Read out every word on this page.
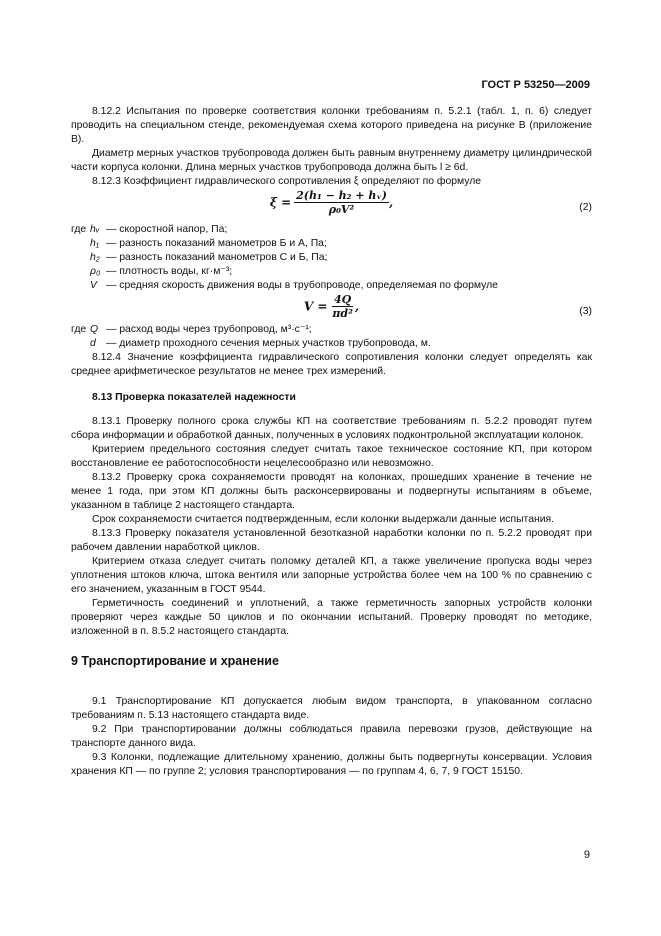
ГОСТ Р 53250—2009

8.12.2 Испытания по проверке соответствия колонки требованиям п. 5.2.1 (табл. 1, п. 6) следует проводить на специальном стенде, рекомендуемая схема которого приведена на рисунке В (приложение В).

Диаметр мерных участков трубопровода должен быть равным внутреннему диаметру цилиндрической части корпуса колонки. Длина мерных участков трубопровода должна быть l ≥ 6d.

8.12.3 Коэффициент гидравлического сопротивления ξ определяют по формуле

$\xi = \frac{\text{2(h₁ − h₂ + hᵥ)}}{\text{ρ₀V²}}$ ,	(2)
где hᵥ — скоростной напор, Па;
h₁ — разность показаний манометров Б и А, Па;
h₂ — разность показаний манометров С и Б, Па;
ρ₀ — плотность воды, кг·м⁻³;
V — средняя скорость движения воды в трубопроводе, определяемая по формуле
$V = \frac{4Q}{\text{πd²}}$ ,	(3)
где Q — расход воды через трубопровод, м³·с⁻¹;
d — диаметр проходного сечения мерных участков трубопровода, м.

8.12.4 Значение коэффициента гидравлического сопротивления колонки следует определять как среднее арифметическое результатов не менее трех измерений.

8.13 Проверка показателей надежности

8.13.1 Проверку полного срока службы КП на соответствие требованиям п. 5.2.2 проводят путем сбора информации и обработкой данных, полученных в условиях подконтрольной эксплуатации колонок.

Критерием предельного состояния следует считать такое техническое состояние КП, при котором восстановление ее работоспособности нецелесообразно или невозможно.

8.13.2 Проверку срока сохраняемости проводят на колонках, прошедших хранение в течение не менее 1 года, при этом КП должны быть расконсервированы и подвергнуты испытаниям в объеме, указанном в таблице 2 настоящего стандарта.

Срок сохраняемости считается подтвержденным, если колонки выдержали данные испытания.

8.13.3 Проверку показателя установленной безотказной наработки колонки по п. 5.2.2 проводят при рабочем давлении наработкой циклов.

Критерием отказа следует считать поломку деталей КП, а также увеличение пропуска воды через уплотнения штоков ключа, штока вентиля или запорные устройства более чем на 100 % по сравнению с его значением, указанным в ГОСТ 9544.

Герметичность соединений и уплотнений, а также герметичность запорных устройств колонки проверяют через каждые 50 циклов и по окончании испытаний. Проверку проводят по методике, изложенной в п. 8.5.2 настоящего стандарта.

9 Транспортирование и хранение

9.1 Транспортирование КП допускается любым видом транспорта, в упакованном согласно требованиям п. 5.13 настоящего стандарта виде.

9.2 При транспортировании должны соблюдаться правила перевозки грузов, действующие на транспорте данного вида.

9.3 Колонки, подлежащие длительному хранению, должны быть подвергнуты консервации. Условия хранения КП — по группе 2; условия транспортирования — по группам 4, 6, 7, 9 ГОСТ 15150.

9
